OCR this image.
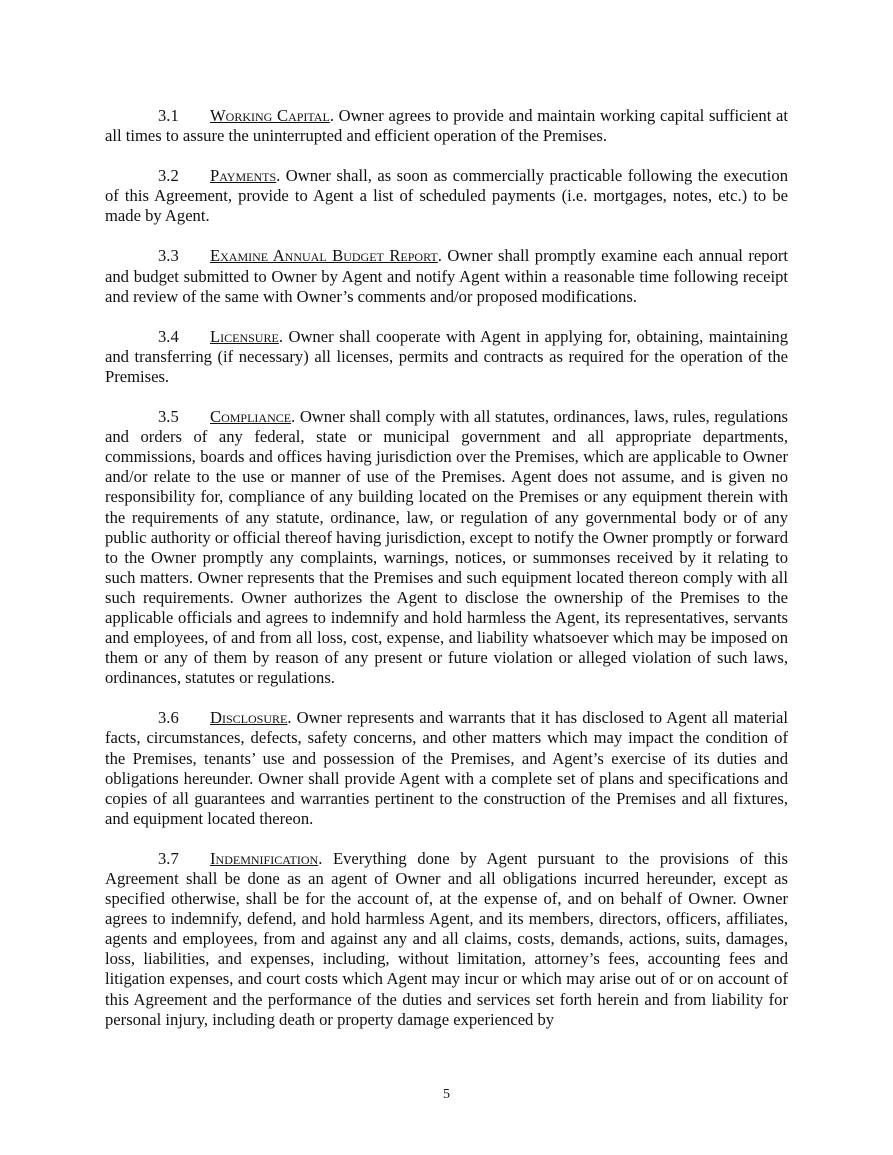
3.1 Working Capital. Owner agrees to provide and maintain working capital sufficient at all times to assure the uninterrupted and efficient operation of the Premises.

3.2 Payments. Owner shall, as soon as commercially practicable following the execution of this Agreement, provide to Agent a list of scheduled payments (i.e. mortgages, notes, etc.) to be made by Agent.

3.3 Examine Annual Budget Report. Owner shall promptly examine each annual report and budget submitted to Owner by Agent and notify Agent within a reasonable time following receipt and review of the same with Owner’s comments and/or proposed modifications.

3.4 Licensure. Owner shall cooperate with Agent in applying for, obtaining, maintaining and transferring (if necessary) all licenses, permits and contracts as required for the operation of the Premises.

3.5 Compliance. Owner shall comply with all statutes, ordinances, laws, rules, regulations and orders of any federal, state or municipal government and all appropriate departments, commissions, boards and offices having jurisdiction over the Premises, which are applicable to Owner and/or relate to the use or manner of use of the Premises. Agent does not assume, and is given no responsibility for, compliance of any building located on the Premises or any equipment therein with the requirements of any statute, ordinance, law, or regulation of any governmental body or of any public authority or official thereof having jurisdiction, except to notify the Owner promptly or forward to the Owner promptly any complaints, warnings, notices, or summonses received by it relating to such matters. Owner represents that the Premises and such equipment located thereon comply with all such requirements. Owner authorizes the Agent to disclose the ownership of the Premises to the applicable officials and agrees to indemnify and hold harmless the Agent, its representatives, servants and employees, of and from all loss, cost, expense, and liability whatsoever which may be imposed on them or any of them by reason of any present or future violation or alleged violation of such laws, ordinances, statutes or regulations.

3.6 Disclosure. Owner represents and warrants that it has disclosed to Agent all material facts, circumstances, defects, safety concerns, and other matters which may impact the condition of the Premises, tenants’ use and possession of the Premises, and Agent’s exercise of its duties and obligations hereunder. Owner shall provide Agent with a complete set of plans and specifications and copies of all guarantees and warranties pertinent to the construction of the Premises and all fixtures, and equipment located thereon.

3.7 Indemnification. Everything done by Agent pursuant to the provisions of this Agreement shall be done as an agent of Owner and all obligations incurred hereunder, except as specified otherwise, shall be for the account of, at the expense of, and on behalf of Owner. Owner agrees to indemnify, defend, and hold harmless Agent, and its members, directors, officers, affiliates, agents and employees, from and against any and all claims, costs, demands, actions, suits, damages, loss, liabilities, and expenses, including, without limitation, attorney’s fees, accounting fees and litigation expenses, and court costs which Agent may incur or which may arise out of or on account of this Agreement and the performance of the duties and services set forth herein and from liability for personal injury, including death or property damage experienced by

5
